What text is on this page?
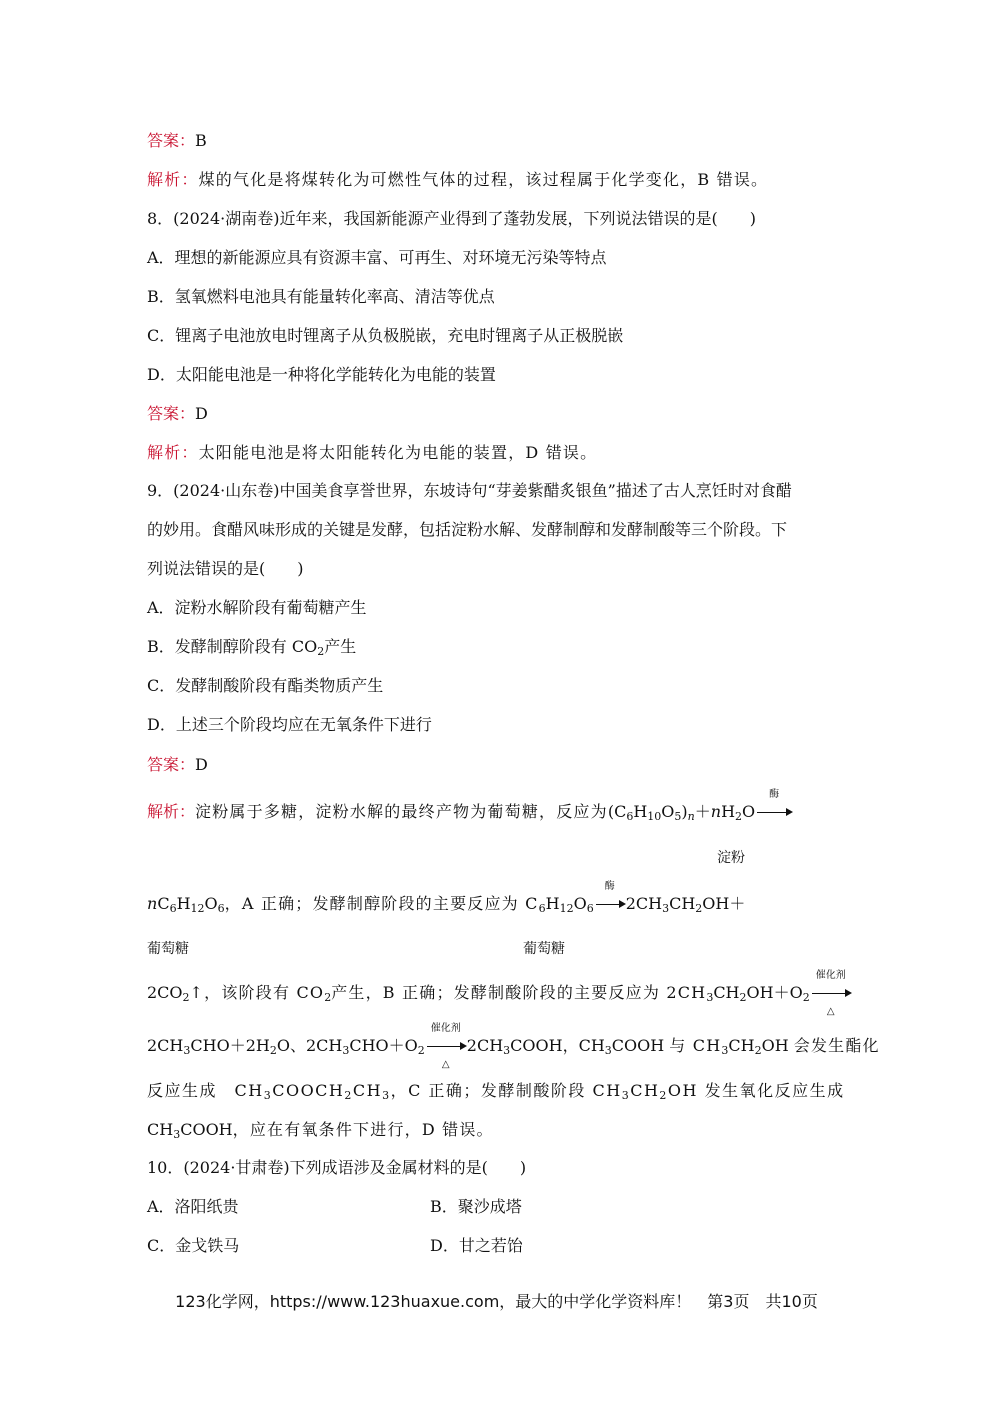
答案：B
解析：煤的气化是将煤转化为可燃性气体的过程，该过程属于化学变化，B 错误。
8．(2024·湖南卷)近年来，我国新能源产业得到了蓬勃发展，下列说法错误的是(　　)
A．理想的新能源应具有资源丰富、可再生、对环境无污染等特点
B．氢氧燃料电池具有能量转化率高、清洁等优点
C．锂离子电池放电时锂离子从负极脱嵌，充电时锂离子从正极脱嵌
D．太阳能电池是一种将化学能转化为电能的装置
答案：D
解析：太阳能电池是将太阳能转化为电能的装置，D 错误。
9．(2024·山东卷)中国美食享誉世界，东坡诗句“芽姜紫醋炙银鱼”描述了古人烹饪时对食醋
的妙用。食醋风味形成的关键是发酵，包括淀粉水解、发酵制醇和发酵制酸等三个阶段。下
列说法错误的是(　　)
A．淀粉水解阶段有葡萄糖产生
B．发酵制醇阶段有 $CO_2$产生
C．发酵制酸阶段有酯类物质产生
D．上述三个阶段均应在无氧条件下进行
答案：D
解析：淀粉属于多糖，淀粉水解的最终产物为葡萄糖，反应为$(C_6H_{10}O_5)_n+nH_2O$
酶
淀粉
$nC_6H_{12}O_6$，A 正确；发酵制醇阶段的主要反应为 $C_6H_{12}O_6$
酶
$2CH_3CH_2OH+$
葡萄糖	葡萄糖
$2CO_2↑$，该阶段有 $CO_2$产生，B 正确；发酵制酸阶段的主要反应为 $2CH_3CH_2OH+O_2$
催化剂
△
$2CH_3CHO+2H_2O$、$2CH_3CHO+O_2$
催化剂
△
$2CH_3COOH$，$CH_3COOH$ 与 $CH_3CH_2OH$ 会发生酯化
反应生成　$CH_3COOCH_2CH_3$，C 正确；发酵制酸阶段 $CH_3CH_2OH$ 发生氧化反应生成
$CH_3COOH$，应在有氧条件下进行，D 错误。
10．(2024·甘肃卷)下列成语涉及金属材料的是(　　)
A．洛阳纸贵	B．聚沙成塔
C．金戈铁马	D．甘之若饴
123化学网，https://www.123huaxue.com，最大的中学化学资料库！　第3页　共10页
